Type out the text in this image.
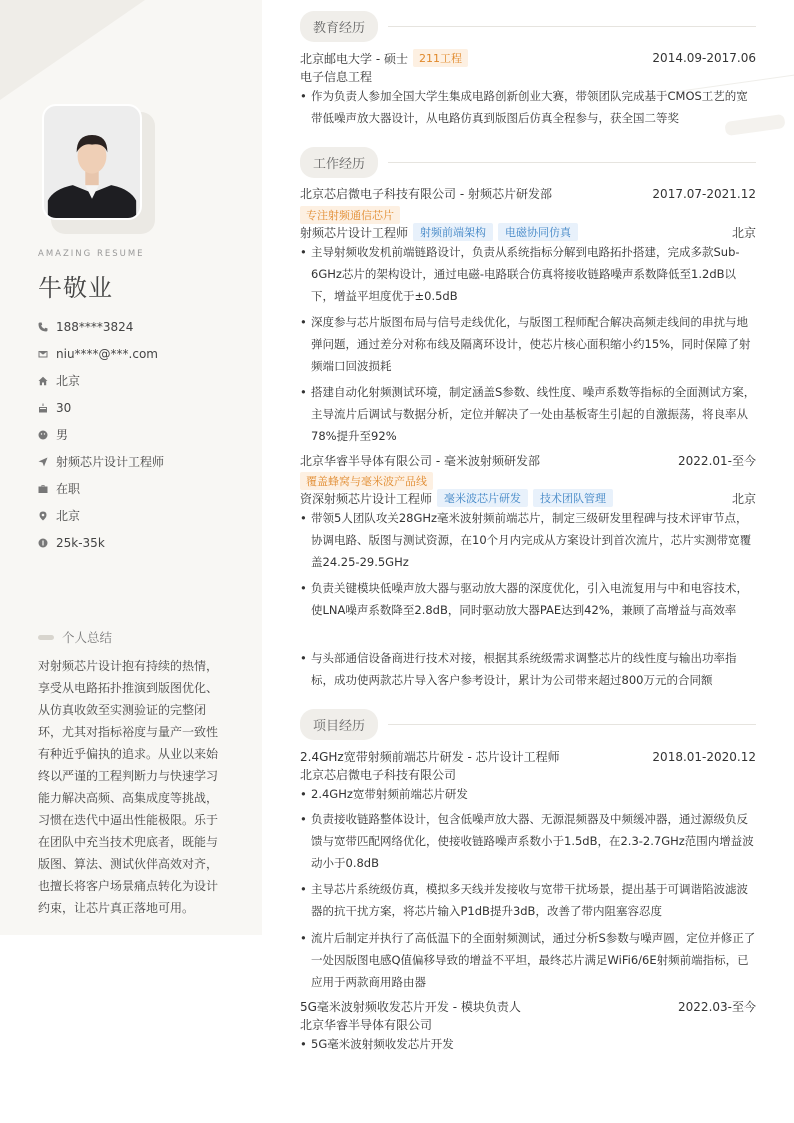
AMAZING RESUME
牛敬业
188****3824
niu****@***.com
北京
30
男
射频芯片设计工程师
在职
北京
25k-35k
个人总结
对射频芯片设计抱有持续的热情，享受从电路拓扑推演到版图优化、从仿真收敛至实测验证的完整闭环，尤其对指标裕度与量产一致性有种近乎偏执的追求。从业以来始终以严谨的工程判断力与快速学习能力解决高频、高集成度等挑战，习惯在迭代中逼出性能极限。乐于在团队中充当技术兜底者，既能与版图、算法、测试伙伴高效对齐，也擅长将客户场景痛点转化为设计约束，让芯片真正落地可用。
教育经历
北京邮电大学 - 硕士	211工程	2014.09-2017.06
电子信息工程
• 作为负责人参加全国大学生集成电路创新创业大赛，带领团队完成基于CMOS工艺的宽带低噪声放大器设计，从电路仿真到版图后仿真全程参与，获全国二等奖
工作经历
北京芯启微电子科技有限公司 - 射频芯片研发部	2017.07-2021.12
专注射频通信芯片
射频芯片设计工程师	射频前端架构	电磁协同仿真	北京
• 主导射频收发机前端链路设计，负责从系统指标分解到电路拓扑搭建，完成多款Sub-6GHz芯片的架构设计，通过电磁-电路联合仿真将接收链路噪声系数降低至1.2dB以下，增益平坦度优于±0.5dB
• 深度参与芯片版图布局与信号走线优化，与版图工程师配合解决高频走线间的串扰与地弹问题，通过差分对称布线及隔离环设计，使芯片核心面积缩小约15%，同时保障了射频端口回波损耗
• 搭建自动化射频测试环境，制定涵盖S参数、线性度、噪声系数等指标的全面测试方案，主导流片后调试与数据分析，定位并解决了一处由基板寄生引起的自激振荡，将良率从78%提升至92%
北京华睿半导体有限公司 - 毫米波射频研发部	2022.01-至今
覆盖蜂窝与毫米波产品线
资深射频芯片设计工程师	毫米波芯片研发	技术团队管理	北京
• 带领5人团队攻关28GHz毫米波射频前端芯片，制定三级研发里程碑与技术评审节点，协调电路、版图与测试资源，在10个月内完成从方案设计到首次流片，芯片实测带宽覆盖24.25-29.5GHz
• 负责关键模块低噪声放大器与驱动放大器的深度优化，引入电流复用与中和电容技术，使LNA噪声系数降至2.8dB，同时驱动放大器PAE达到42%，兼顾了高增益与高效率
• 与头部通信设备商进行技术对接，根据其系统级需求调整芯片的线性度与输出功率指标，成功使两款芯片导入客户参考设计，累计为公司带来超过800万元的合同额
项目经历
2.4GHz宽带射频前端芯片研发 - 芯片设计工程师	2018.01-2020.12
北京芯启微电子科技有限公司
• 2.4GHz宽带射频前端芯片研发
• 负责接收链路整体设计，包含低噪声放大器、无源混频器及中频缓冲器，通过源级负反馈与宽带匹配网络优化，使接收链路噪声系数小于1.5dB，在2.3-2.7GHz范围内增益波动小于0.8dB
• 主导芯片系统级仿真，模拟多天线并发接收与宽带干扰场景，提出基于可调谐陷波滤波器的抗干扰方案，将芯片输入P1dB提升3dB，改善了带内阻塞容忍度
• 流片后制定并执行了高低温下的全面射频测试，通过分析S参数与噪声圆，定位并修正了一处因版图电感Q值偏移导致的增益不平坦，最终芯片满足WiFi6/6E射频前端指标，已应用于两款商用路由器
5G毫米波射频收发芯片开发 - 模块负责人	2022.03-至今
北京华睿半导体有限公司
• 5G毫米波射频收发芯片开发
